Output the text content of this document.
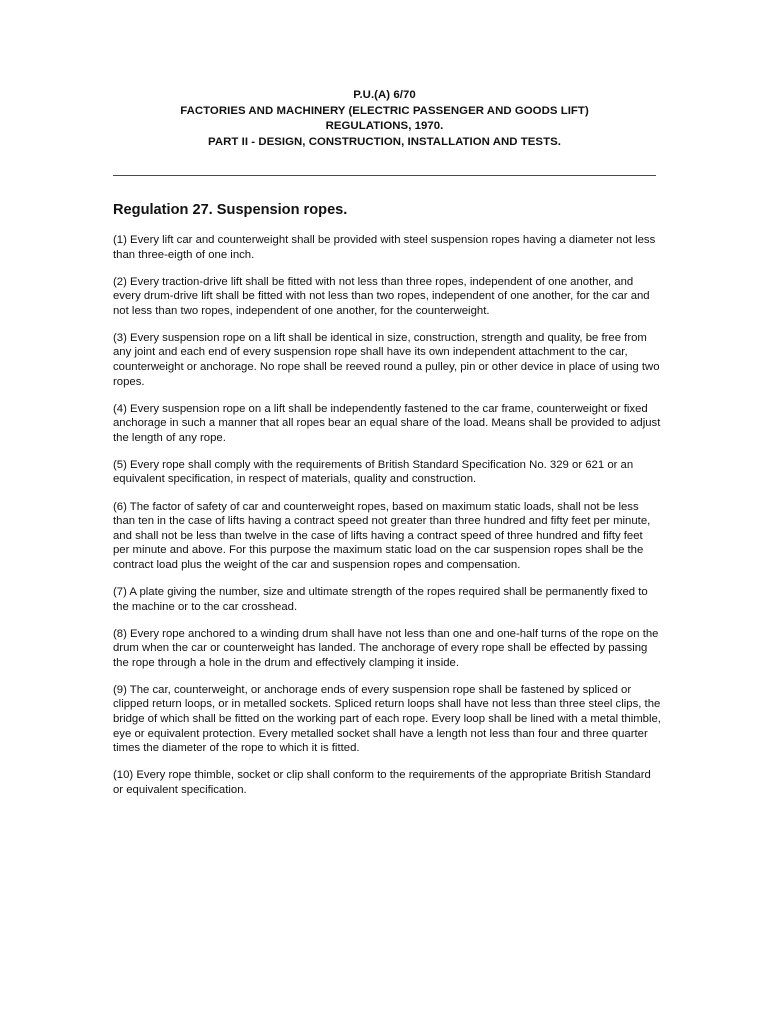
P.U.(A) 6/70
FACTORIES AND MACHINERY (ELECTRIC PASSENGER AND GOODS LIFT)
REGULATIONS, 1970.
PART II - DESIGN, CONSTRUCTION, INSTALLATION AND TESTS.
Regulation 27. Suspension ropes.

(1) Every lift car and counterweight shall be provided with steel suspension ropes having a diameter not less than three-eigth of one inch.

(2) Every traction-drive lift shall be fitted with not less than three ropes, independent of one another, and every drum-drive lift shall be fitted with not less than two ropes, independent of one another, for the car and not less than two ropes, independent of one another, for the counterweight.

(3) Every suspension rope on a lift shall be identical in size, construction, strength and quality, be free from any joint and each end of every suspension rope shall have its own independent attachment to the car, counterweight or anchorage. No rope shall be reeved round a pulley, pin or other device in place of using two ropes.

(4) Every suspension rope on a lift shall be independently fastened to the car frame, counterweight or fixed anchorage in such a manner that all ropes bear an equal share of the load. Means shall be provided to adjust the length of any rope.

(5) Every rope shall comply with the requirements of British Standard Specification No. 329 or 621 or an equivalent specification, in respect of materials, quality and construction.

(6) The factor of safety of car and counterweight ropes, based on maximum static loads, shall not be less than ten in the case of lifts having a contract speed not greater than three hundred and fifty feet per minute, and shall not be less than twelve in the case of lifts having a contract speed of three hundred and fifty feet per minute and above. For this purpose the maximum static load on the car suspension ropes shall be the contract load plus the weight of the car and suspension ropes and compensation.

(7) A plate giving the number, size and ultimate strength of the ropes required shall be permanently fixed to the machine or to the car crosshead.

(8) Every rope anchored to a winding drum shall have not less than one and one-half turns of the rope on the drum when the car or counterweight has landed. The anchorage of every rope shall be effected by passing the rope through a hole in the drum and effectively clamping it inside.

(9) The car, counterweight, or anchorage ends of every suspension rope shall be fastened by spliced or clipped return loops, or in metalled sockets. Spliced return loops shall have not less than three steel clips, the bridge of which shall be fitted on the working part of each rope. Every loop shall be lined with a metal thimble, eye or equivalent protection. Every metalled socket shall have a length not less than four and three quarter times the diameter of the rope to which it is fitted.

(10) Every rope thimble, socket or clip shall conform to the requirements of the appropriate British Standard or equivalent specification.
